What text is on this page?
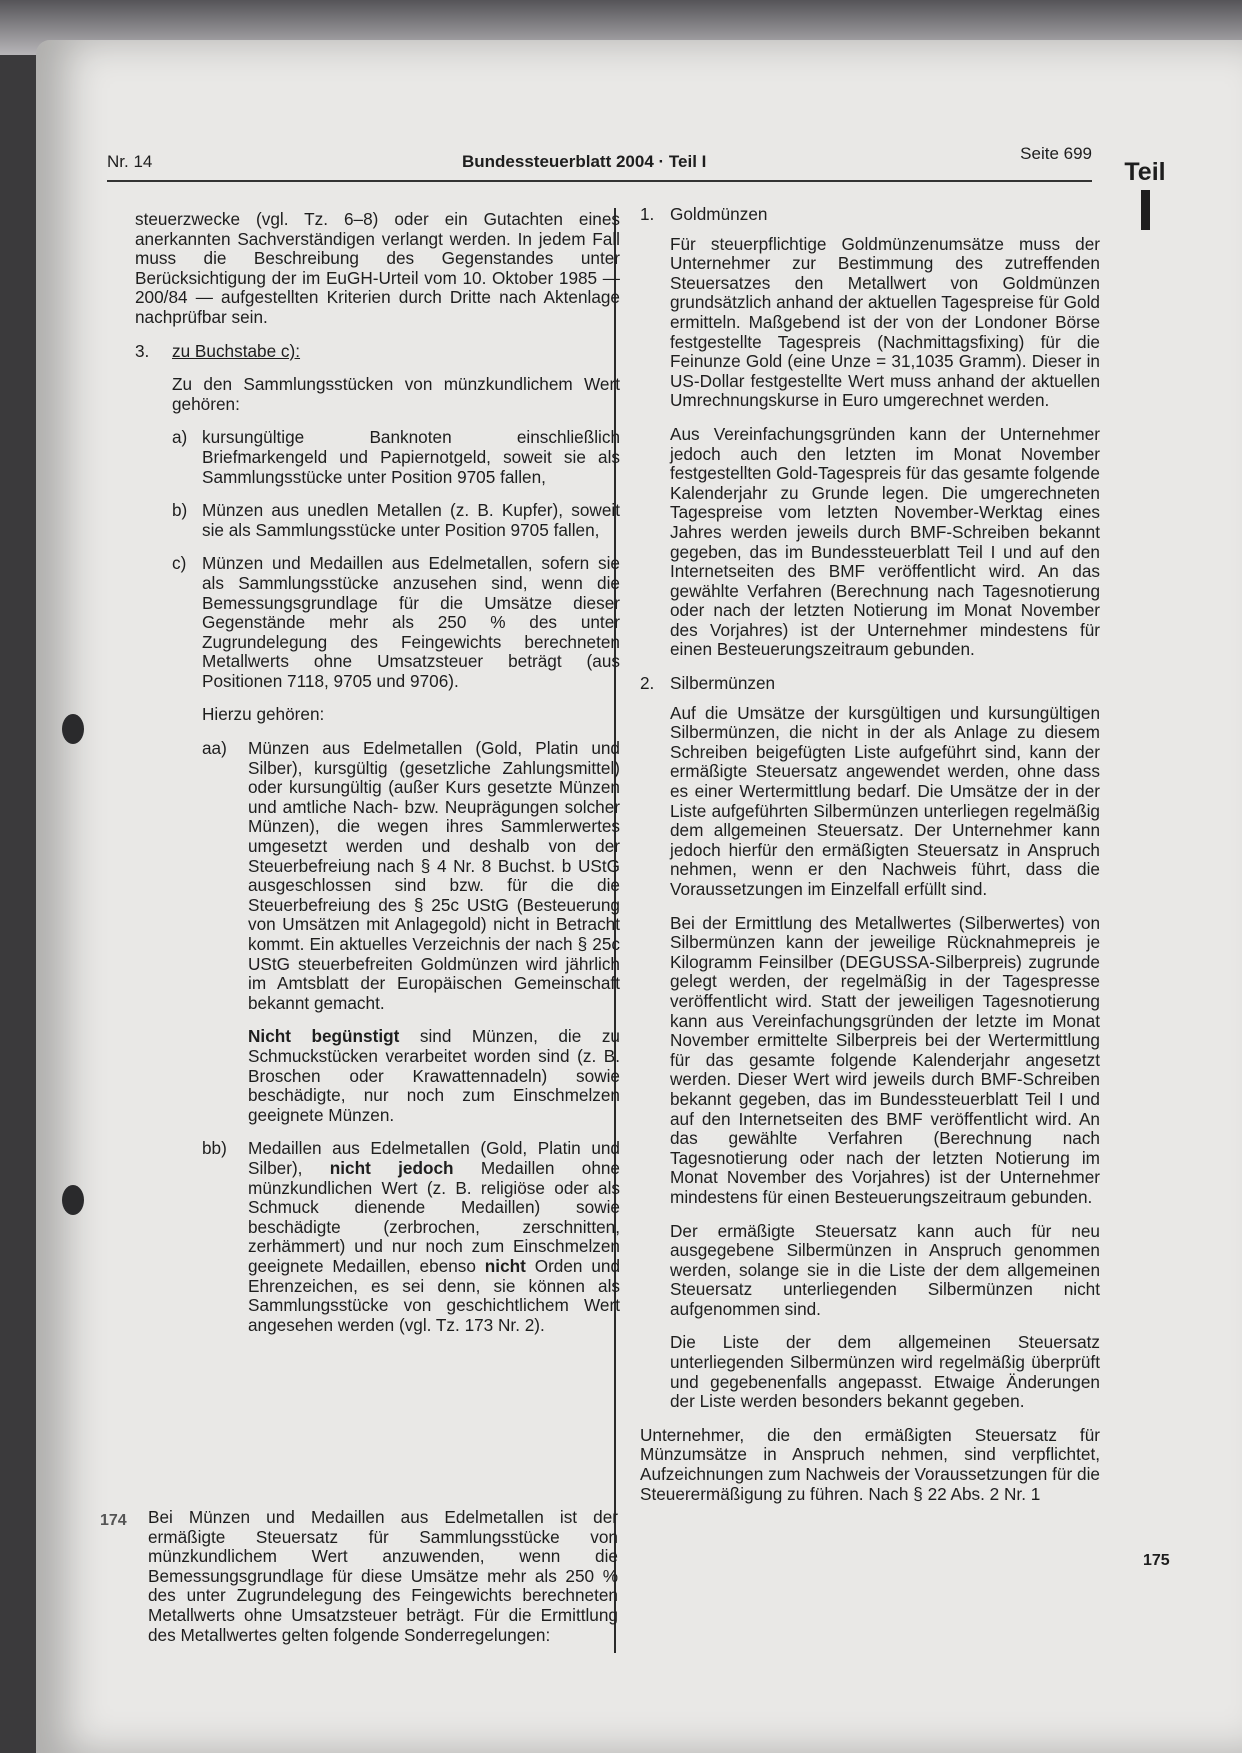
Nr. 14	Bundessteuerblatt 2004 · Teil I	Seite 699
Teil

steuerzwecke (vgl. Tz. 6–8) oder ein Gutachten eines anerkannten Sachverständigen verlangt werden. In jedem Fall muss die Beschreibung des Gegenstandes unter Berücksichtigung der im EuGH-Urteil vom 10. Oktober 1985 — 200/84 — aufgestellten Kriterien durch Dritte nach Aktenlage nachprüfbar sein.

3. zu Buchstabe c):

Zu den Sammlungsstücken von münzkundlichem Wert gehören:

a) kursungültige Banknoten einschließlich Briefmarkengeld und Papiernotgeld, soweit sie als Sammlungsstücke unter Position 9705 fallen,
b) Münzen aus unedlen Metallen (z. B. Kupfer), soweit sie als Sammlungsstücke unter Position 9705 fallen,
c) Münzen und Medaillen aus Edelmetallen, sofern sie als Sammlungsstücke anzusehen sind, wenn die Bemessungsgrundlage für die Umsätze dieser Gegenstände mehr als 250 % des unter Zugrundelegung des Feingewichts berechneten Metallwerts ohne Umsatzsteuer beträgt (aus Positionen 7118, 9705 und 9706).

Hierzu gehören:

aa) Münzen aus Edelmetallen (Gold, Platin und Silber), kursgültig (gesetzliche Zahlungsmittel) oder kursungültig (außer Kurs gesetzte Münzen und amtliche Nach- bzw. Neuprägungen solcher Münzen), die wegen ihres Sammlerwertes umgesetzt werden und deshalb von der Steuerbefreiung nach § 4 Nr. 8 Buchst. b UStG ausgeschlossen sind bzw. für die die Steuerbefreiung des § 25c UStG (Besteuerung von Umsätzen mit Anlagegold) nicht in Betracht kommt. Ein aktuelles Verzeichnis der nach § 25c UStG steuerbefreiten Goldmünzen wird jährlich im Amtsblatt der Europäischen Gemeinschaft bekannt gemacht.

Nicht begünstigt sind Münzen, die zu Schmuckstücken verarbeitet worden sind (z. B. Broschen oder Krawattennadeln) sowie beschädigte, nur noch zum Einschmelzen geeignete Münzen.

bb) Medaillen aus Edelmetallen (Gold, Platin und Silber), nicht jedoch Medaillen ohne münzkundlichen Wert (z. B. religiöse oder als Schmuck dienende Medaillen) sowie beschädigte (zerbrochen, zerschnitten, zerhämmert) und nur noch zum Einschmelzen geeignete Medaillen, ebenso nicht Orden und Ehrenzeichen, es sei denn, sie können als Sammlungsstücke von geschichtlichem Wert angesehen werden (vgl. Tz. 173 Nr. 2).

174 Bei Münzen und Medaillen aus Edelmetallen ist der ermäßigte Steuersatz für Sammlungsstücke von münzkundlichem Wert anzuwenden, wenn die Bemessungsgrundlage für diese Umsätze mehr als 250 % des unter Zugrundelegung des Feingewichts berechneten Metallwerts ohne Umsatzsteuer beträgt. Für die Ermittlung des Metallwertes gelten folgende Sonderregelungen:

1. Goldmünzen

Für steuerpflichtige Goldmünzenumsätze muss der Unternehmer zur Bestimmung des zutreffenden Steuersatzes den Metallwert von Goldmünzen grundsätzlich anhand der aktuellen Tagespreise für Gold ermitteln. Maßgebend ist der von der Londoner Börse festgestellte Tagespreis (Nachmittagsfixing) für die Feinunze Gold (eine Unze = 31,1035 Gramm). Dieser in US-Dollar festgestellte Wert muss anhand der aktuellen Umrechnungskurse in Euro umgerechnet werden.

Aus Vereinfachungsgründen kann der Unternehmer jedoch auch den letzten im Monat November festgestellten Gold-Tagespreis für das gesamte folgende Kalenderjahr zu Grunde legen. Die umgerechneten Tagespreise vom letzten November-Werktag eines Jahres werden jeweils durch BMF-Schreiben bekannt gegeben, das im Bundessteuerblatt Teil I und auf den Internetseiten des BMF veröffentlicht wird. An das gewählte Verfahren (Berechnung nach Tagesnotierung oder nach der letzten Notierung im Monat November des Vorjahres) ist der Unternehmer mindestens für einen Besteuerungszeitraum gebunden.

2. Silbermünzen

Auf die Umsätze der kursgültigen und kursungültigen Silbermünzen, die nicht in der als Anlage zu diesem Schreiben beigefügten Liste aufgeführt sind, kann der ermäßigte Steuersatz angewendet werden, ohne dass es einer Wertermittlung bedarf. Die Umsätze der in der Liste aufgeführten Silbermünzen unterliegen regelmäßig dem allgemeinen Steuersatz. Der Unternehmer kann jedoch hierfür den ermäßigten Steuersatz in Anspruch nehmen, wenn er den Nachweis führt, dass die Voraussetzungen im Einzelfall erfüllt sind.

Bei der Ermittlung des Metallwertes (Silberwertes) von Silbermünzen kann der jeweilige Rücknahmepreis je Kilogramm Feinsilber (DEGUSSA-Silberpreis) zugrunde gelegt werden, der regelmäßig in der Tagespresse veröffentlicht wird. Statt der jeweiligen Tagesnotierung kann aus Vereinfachungsgründen der letzte im Monat November ermittelte Silberpreis bei der Wertermittlung für das gesamte folgende Kalenderjahr angesetzt werden. Dieser Wert wird jeweils durch BMF-Schreiben bekannt gegeben, das im Bundessteuerblatt Teil I und auf den Internetseiten des BMF veröffentlicht wird. An das gewählte Verfahren (Berechnung nach Tagesnotierung oder nach der letzten Notierung im Monat November des Vorjahres) ist der Unternehmer mindestens für einen Besteuerungszeitraum gebunden.

Der ermäßigte Steuersatz kann auch für neu ausgegebene Silbermünzen in Anspruch genommen werden, solange sie in die Liste der dem allgemeinen Steuersatz unterliegenden Silbermünzen nicht aufgenommen sind.

Die Liste der dem allgemeinen Steuersatz unterliegenden Silbermünzen wird regelmäßig überprüft und gegebenenfalls angepasst. Etwaige Änderungen der Liste werden besonders bekannt gegeben.

Unternehmer, die den ermäßigten Steuersatz für Münzumsätze in Anspruch nehmen, sind verpflichtet, Aufzeichnungen zum Nachweis der Voraussetzungen für die Steuerermäßigung zu führen. Nach § 22 Abs. 2 Nr. 1

175
